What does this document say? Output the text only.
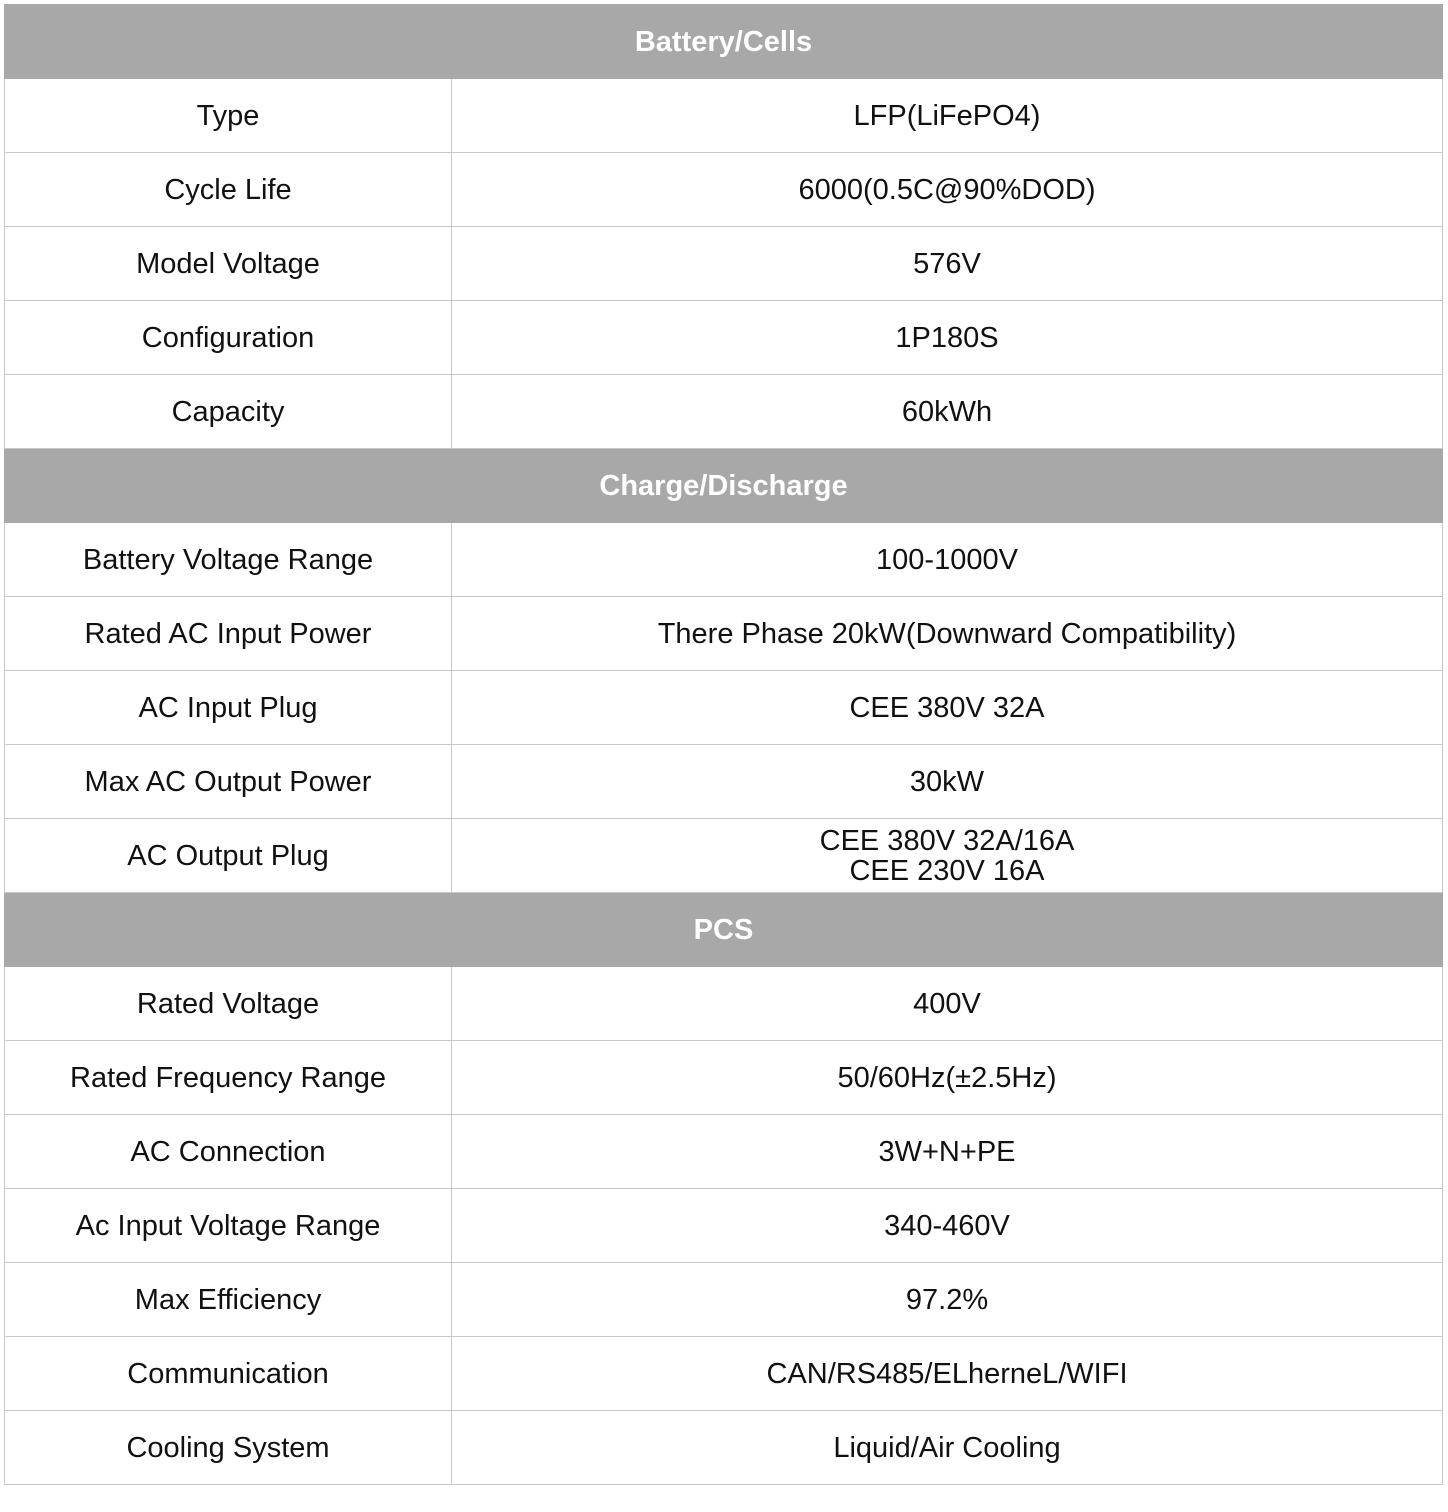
Battery/Cells	
Type	LFP(LiFePO4)
Cycle Life	6000(0.5C@90%DOD)
Model Voltage	576V
Configuration	1P180S
Capacity	60kWh
Charge/Discharge	
Battery Voltage Range	100-1000V
Rated AC Input Power	There Phase 20kW(Downward Compatibility)
AC Input Plug	CEE 380V 32A
Max AC Output Power	30kW
AC Output Plug	CEE 380V 32A/16A
CEE 230V 16A

PCS	
Rated Voltage	400V
Rated Frequency Range	50/60Hz(±2.5Hz)
AC Connection	3W+N+PE
Ac Input Voltage Range	340-460V
Max Efficiency	97.2%
Communication	CAN/RS485/ELherneL/WIFI
Cooling System	Liquid/Air Cooling
